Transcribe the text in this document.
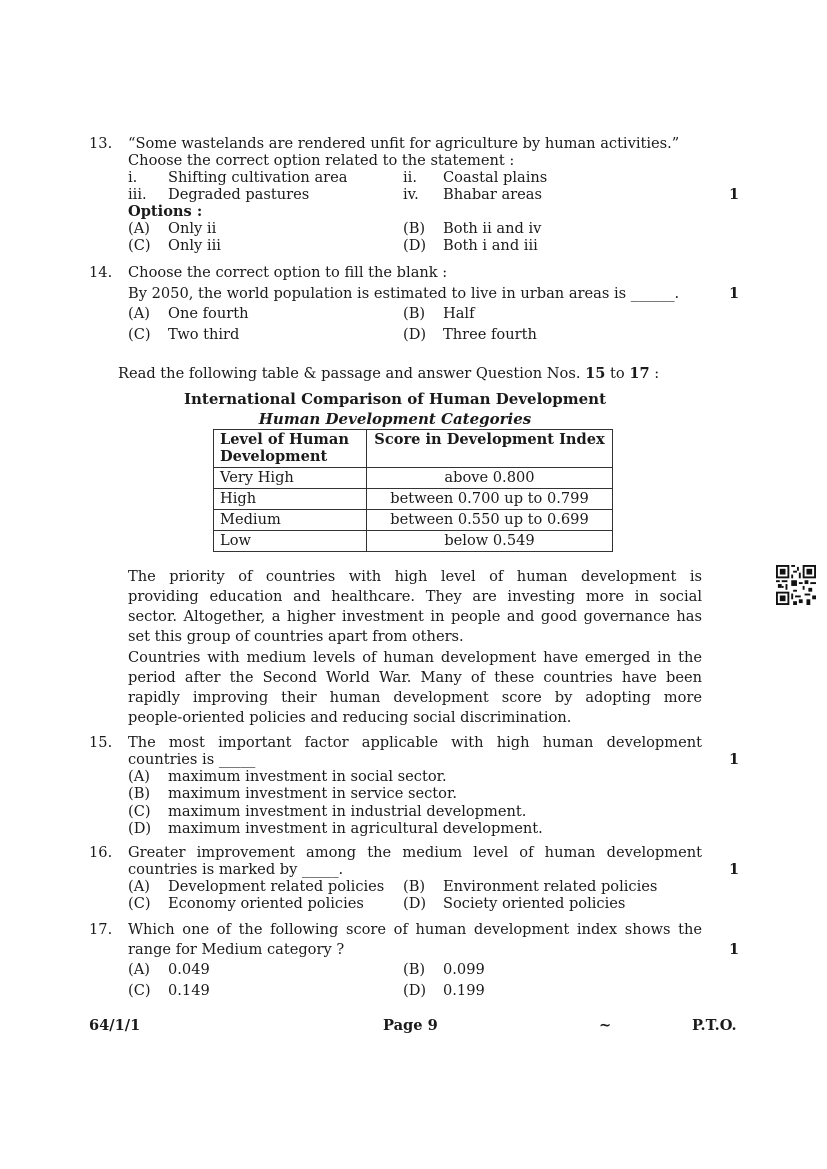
13. “Some wastelands are rendered unfit for agriculture by human activities.”
Choose the correct option related to the statement :
i. Shifting cultivation area	ii. Coastal plains
iii. Degraded pastures	iv. Bhabar areas	1
Options :
(A) Only ii	(B) Both ii and iv
(C) Only iii	(D) Both i and iii
14. Choose the correct option to fill the blank :
By 2050, the world population is estimated to live in urban areas is ______.	1
(A) One fourth	(B) Half
(C) Two third	(D) Three fourth
Read the following table & passage and answer Question Nos. 15 to 17 :
International Comparison of Human Development
Human Development Categories
Level of Human Development	Score in Development Index
Very High	above 0.800
High	between 0.700 up to 0.799
Medium	between 0.550 up to 0.699
Low	below 0.549
The priority of countries with high level of human development is
providing education and healthcare. They are investing more in social
sector. Altogether, a higher investment in people and good governance has
set this group of countries apart from others.
Countries with medium levels of human development have emerged in the
period after the Second World War. Many of these countries have been
rapidly improving their human development score by adopting more
people-oriented policies and reducing social discrimination.
15. The most important factor applicable with high human development
countries is _____	1
(A) maximum investment in social sector.
(B) maximum investment in service sector.
(C) maximum investment in industrial development.
(D) maximum investment in agricultural development.
16. Greater improvement among the medium level of human development
countries is marked by _____.	1
(A) Development related policies (B) Environment related policies
(C) Economy oriented policies	(D) Society oriented policies
17. Which one of the following score of human development index shows the
range for Medium category ?	1
(A) 0.049	(B) 0.099
(C) 0.149	(D) 0.199
64/1/1	Page 9	~	P.T.O.
